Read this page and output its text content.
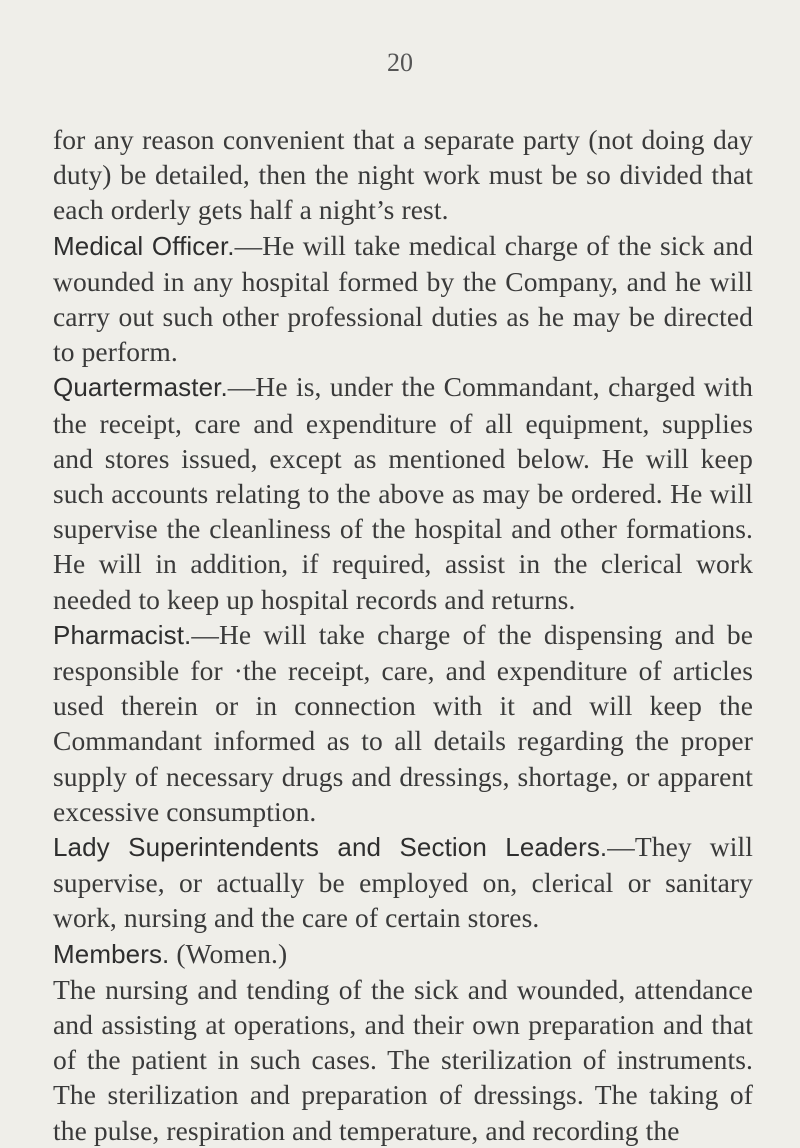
20

for any reason convenient that a separate party (not doing day duty) be detailed, then the night work must be so divided that each orderly gets half a night’s rest.

Medical Officer.—He will take medical charge of the sick and wounded in any hospital formed by the Company, and he will carry out such other professional duties as he may be directed to perform.

Quartermaster.—He is, under the Commandant, charged with the receipt, care and expenditure of all equipment, supplies and stores issued, except as mentioned below. He will keep such accounts relating to the above as may be ordered. He will supervise the cleanliness of the hospital and other formations. He will in addition, if required, assist in the clerical work needed to keep up hospital records and returns.

Pharmacist.—He will take charge of the dispensing and be responsible for ·the receipt, care, and expenditure of articles used therein or in connection with it and will keep the Commandant informed as to all details regarding the proper supply of necessary drugs and dressings, shortage, or apparent excessive consumption.

Lady Superintendents and Section Leaders.—They will supervise, or actually be employed on, clerical or sanitary work, nursing and the care of certain stores.

Members. (Women.)

The nursing and tending of the sick and wounded, attendance and assisting at operations, and their own preparation and that of the patient in such cases. The sterilization of instruments. The sterilization and preparation of dressings. The taking of the pulse, respiration and temperature, and recording the
